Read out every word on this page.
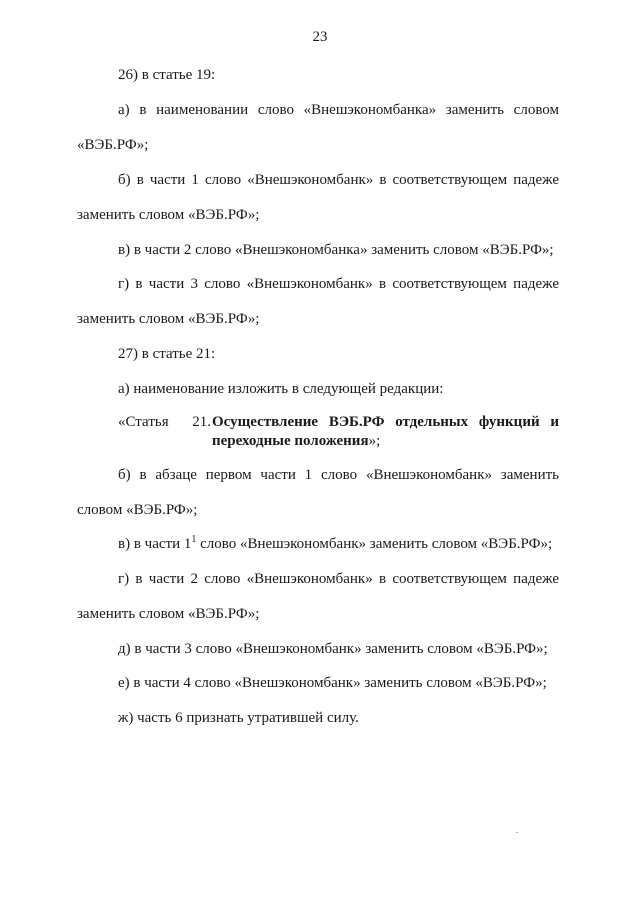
23
26) в статье 19:
а) в наименовании слово «Внешэкономбанка» заменить словом
«ВЭБ.РФ»;
б) в части 1 слово «Внешэкономбанк» в соответствующем падеже
заменить словом «ВЭБ.РФ»;
в) в части 2 слово «Внешэкономбанка» заменить словом «ВЭБ.РФ»;
г) в части 3 слово «Внешэкономбанк» в соответствующем падеже
заменить словом «ВЭБ.РФ»;
27) в статье 21:
а) наименование изложить в следующей редакции:
«Статья 21. Осуществление ВЭБ.РФ отдельных функций и
переходные положения»;
б) в абзаце первом части 1 слово «Внешэкономбанк» заменить
словом «ВЭБ.РФ»;
в) в части $1^1$ слово «Внешэкономбанк» заменить словом «ВЭБ.РФ»;
г) в части 2 слово «Внешэкономбанк» в соответствующем падеже
заменить словом «ВЭБ.РФ»;
д) в части 3 слово «Внешэкономбанк» заменить словом «ВЭБ.РФ»;
е) в части 4 слово «Внешэкономбанк» заменить словом «ВЭБ.РФ»;
ж) часть 6 признать утратившей силу.
